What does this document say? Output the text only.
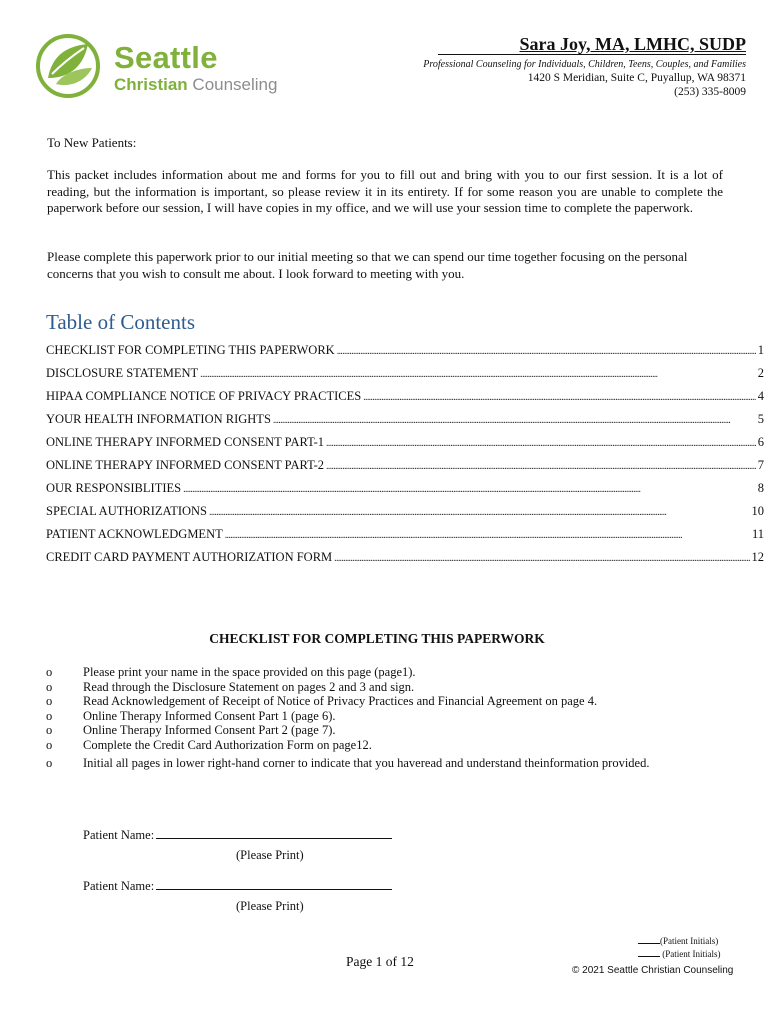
Seattle
Christian Counseling
Sara Joy, MA, LMHC, SUDP
Professional Counseling for Individuals, Children, Teens, Couples, and Families
1420 S Meridian, Suite C, Puyallup, WA 98371
(253) 335-8009
To New Patients:
This packet includes information about me and forms for you to fill out and bring with you to our first session. It is a lot of reading, but the information is important, so please review it in its entirety. If for some reason you are unable to complete the paperwork before our session, I will have copies in my office, and we will use your session time to complete the paperwork.
Please complete this paperwork prior to our initial meeting so that we can spend our time together focusing on the personal concerns that you wish to consult me about. I look forward to meeting with you.
Table of Contents
CHECKLIST FOR COMPLETING THIS PAPERWORK . . .	1
DISCLOSURE STATEMENT . . .	2
HIPAA COMPLIANCE NOTICE OF PRIVACY PRACTICES . . .	4
YOUR HEALTH INFORMATION RIGHTS . . .	5
ONLINE THERAPY INFORMED CONSENT PART-1 . . .	6
ONLINE THERAPY INFORMED CONSENT PART-2 . . .	7
OUR RESPONSIBLITIES . . .	8
SPECIAL AUTHORIZATIONS . . .	10
PATIENT ACKNOWLEDGMENT . . .	11
CREDIT CARD PAYMENT AUTHORIZATION FORM . . .	12
CHECKLIST FOR COMPLETING THIS PAPERWORK
o	Please print your name in the space provided on this page (page1).
o	Read through the Disclosure Statement on pages 2 and 3 and sign.
o	Read Acknowledgement of Receipt of Notice of Privacy Practices and Financial Agreement on page 4.
o	Online Therapy Informed Consent Part 1 (page 6).
o	Online Therapy Informed Consent Part 2 (page 7).
o	Complete the Credit Card Authorization Form on page12.
o	Initial all pages in lower right-hand corner to indicate that you haveread and understand theinformation provided.
Patient Name:
(Please Print)
Patient Name:
(Please Print)
(Patient Initials)
(Patient Initials)
Page 1 of 12
© 2021 Seattle Christian Counseling
